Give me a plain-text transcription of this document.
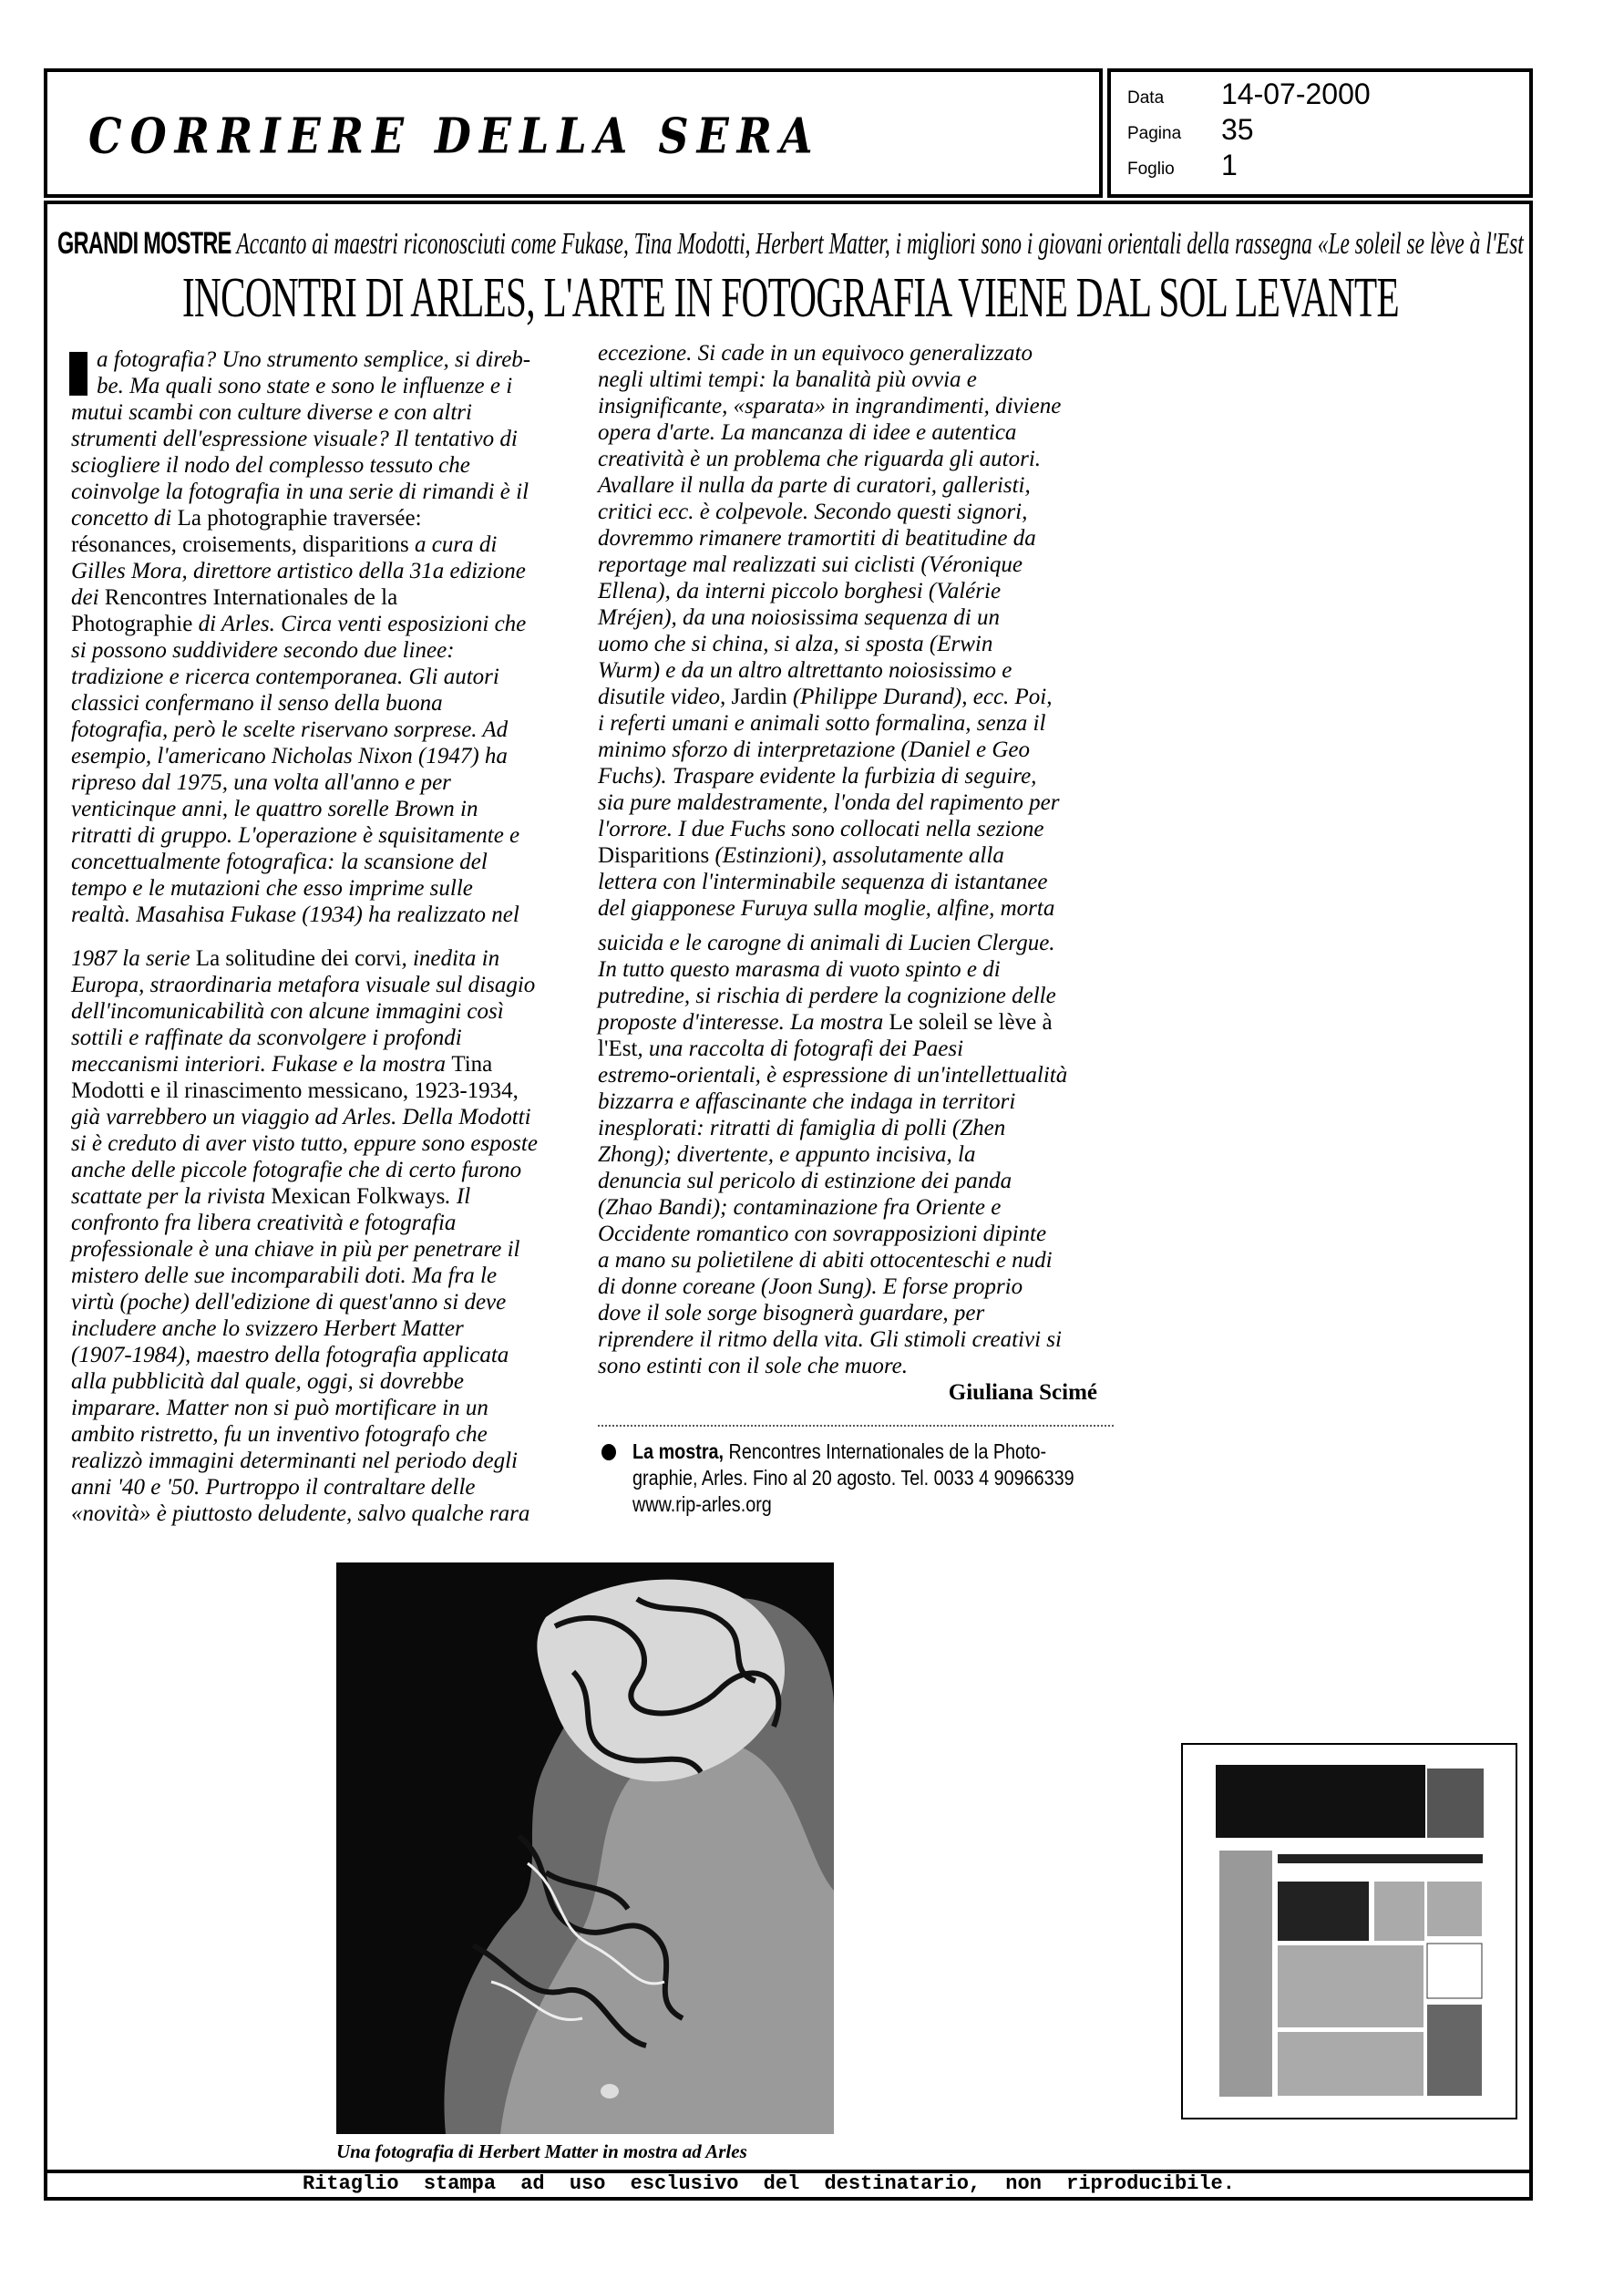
CORRIERE DELLA SERA
Data 14-07-2000
Pagina 35
Foglio 1
GRANDI MOSTRE Accanto ai maestri riconosciuti come Fukase, Tina Modotti, Herbert Matter, i migliori sono i giovani orientali della rassegna «Le soleil se lève à l'Est
INCONTRI DI ARLES, L'ARTE IN FOTOGRAFIA VIENE DAL SOL LEVANTE
a fotografia? Uno strumento semplice, si direb-
be. Ma quali sono state e sono le influenze e i
mutui scambi con culture diverse e con altri
strumenti dell'espressione visuale? Il tentativo di
sciogliere il nodo del complesso tessuto che
coinvolge la fotografia in una serie di rimandi è il
concetto di La photographie traversée:
résonances, croisements, disparitions a cura di
Gilles Mora, direttore artistico della 31a edizione
dei Rencontres Internationales de la
Photographie di Arles. Circa venti esposizioni che
si possono suddividere secondo due linee:
tradizione e ricerca contemporanea. Gli autori
classici confermano il senso della buona
fotografia, però le scelte riservano sorprese. Ad
esempio, l'americano Nicholas Nixon (1947) ha
ripreso dal 1975, una volta all'anno e per
venticinque anni, le quattro sorelle Brown in
ritratti di gruppo. L'operazione è squisitamente e
concettualmente fotografica: la scansione del
tempo e le mutazioni che esso imprime sulle
realtà. Masahisa Fukase (1934) ha realizzato nel
1987 la serie La solitudine dei corvi, inedita in
Europa, straordinaria metafora visuale sul disagio
dell'incomunicabilità con alcune immagini così
sottili e raffinate da sconvolgere i profondi
meccanismi interiori. Fukase e la mostra Tina
Modotti e il rinascimento messicano, 1923-1934,
già varrebbero un viaggio ad Arles. Della Modotti
si è creduto di aver visto tutto, eppure sono esposte
anche delle piccole fotografie che di certo furono
scattate per la rivista Mexican Folkways. Il
confronto fra libera creatività e fotografia
professionale è una chiave in più per penetrare il
mistero delle sue incomparabili doti. Ma fra le
virtù (poche) dell'edizione di quest'anno si deve
includere anche lo svizzero Herbert Matter
(1907-1984), maestro della fotografia applicata
alla pubblicità dal quale, oggi, si dovrebbe
imparare. Matter non si può mortificare in un
ambito ristretto, fu un inventivo fotografo che
realizzò immagini determinanti nel periodo degli
anni '40 e '50. Purtroppo il contraltare delle
«novità» è piuttosto deludente, salvo qualche rara
eccezione. Si cade in un equivoco generalizzato
negli ultimi tempi: la banalità più ovvia e
insignificante, «sparata» in ingrandimenti, diviene
opera d'arte. La mancanza di idee e autentica
creatività è un problema che riguarda gli autori.
Avallare il nulla da parte di curatori, galleristi,
critici ecc. è colpevole. Secondo questi signori,
dovremmo rimanere tramortiti di beatitudine da
reportage mal realizzati sui ciclisti (Véronique
Ellena), da interni piccolo borghesi (Valérie
Mréjen), da una noiosissima sequenza di un
uomo che si china, si alza, si sposta (Erwin
Wurm) e da un altro altrettanto noiosissimo e
disutile video, Jardin (Philippe Durand), ecc. Poi,
i referti umani e animali sotto formalina, senza il
minimo sforzo di interpretazione (Daniel e Geo
Fuchs). Traspare evidente la furbizia di seguire,
sia pure maldestramente, l'onda del rapimento per
l'orrore. I due Fuchs sono collocati nella sezione
Disparitions (Estinzioni), assolutamente alla
lettera con l'interminabile sequenza di istantanee
del giapponese Furuya sulla moglie, alfine, morta
suicida e le carogne di animali di Lucien Clergue.
In tutto questo marasma di vuoto spinto e di
putredine, si rischia di perdere la cognizione delle
proposte d'interesse. La mostra Le soleil se lève à
l'Est, una raccolta di fotografi dei Paesi
estremo-orientali, è espressione di un'intellettualità
bizzarra e affascinante che indaga in territori
inesplorati: ritratti di famiglia di polli (Zhen
Zhong); divertente, e appunto incisiva, la
denuncia sul pericolo di estinzione dei panda
(Zhao Bandi); contaminazione fra Oriente e
Occidente romantico con sovrapposizioni dipinte
a mano su polietilene di abiti ottocenteschi e nudi
di donne coreane (Joon Sung). E forse proprio
dove il sole sorge bisognerà guardare, per
riprendere il ritmo della vita. Gli stimoli creativi si
sono estinti con il sole che muore.
Giuliana Scimé
La mostra, Rencontres Internationales de la Photo-
graphie, Arles. Fino al 20 agosto. Tel. 0033 4 90966339
www.rip-arles.org
Una fotografia di Herbert Matter in mostra ad Arles
Ritaglio stampa ad uso esclusivo del destinatario, non riproducibile.
